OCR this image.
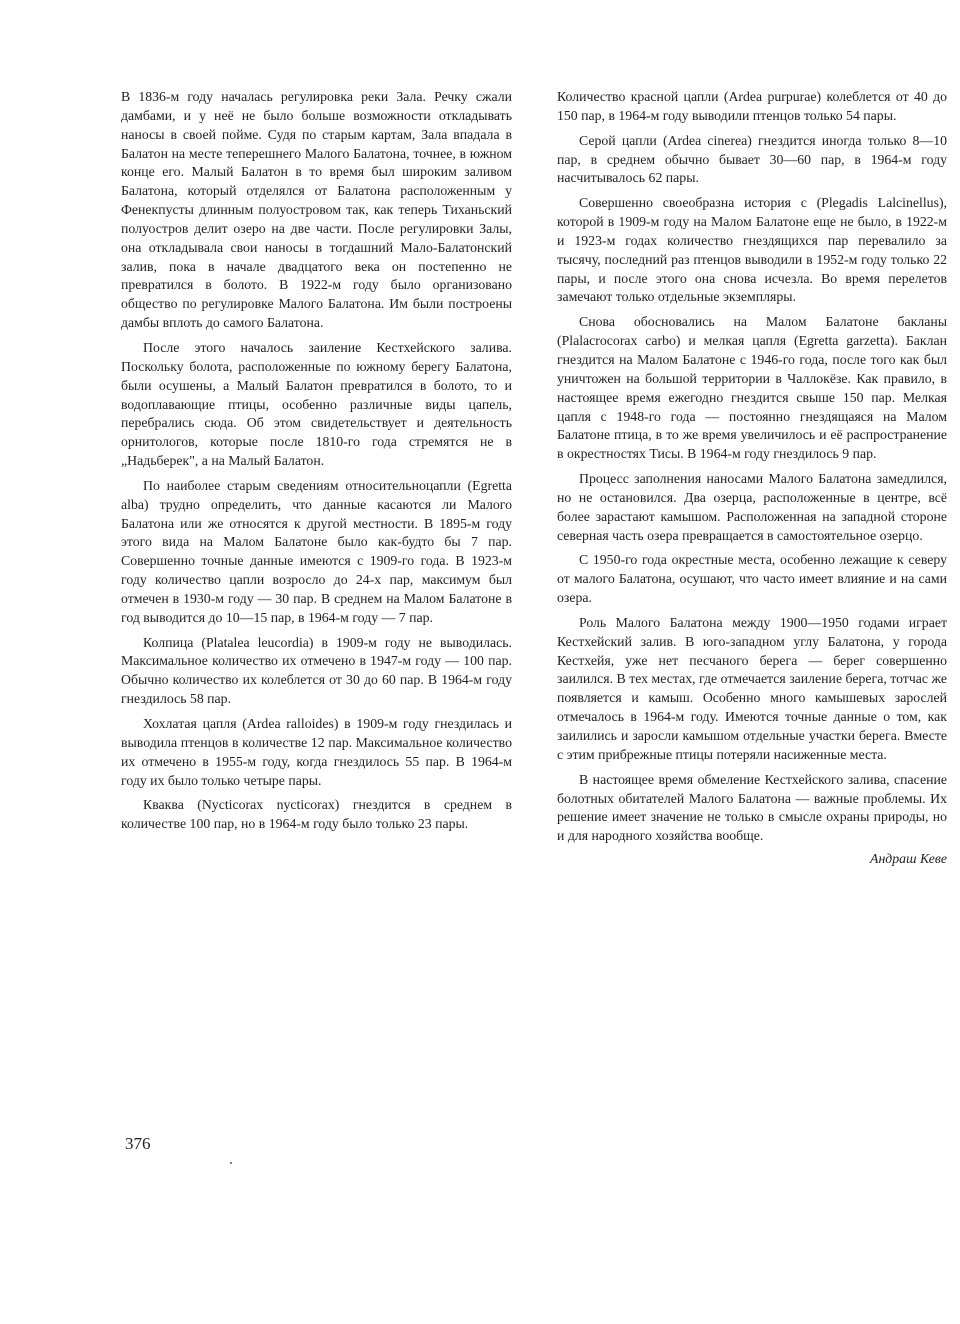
В 1836-м году началась регулировка реки Зала. Речку сжали дамбами, и у неё не было больше возможности откладывать наносы в своей пойме. Судя по старым картам, Зала впадала в Балатон на месте теперешнего Малого Балатона, точнее, в южном конце его. Малый Балатон в то время был широким заливом Балатона, который отделялся от Балатона расположенным у Фенекпусты длинным полуостровом так, как теперь Тиханьский полуостров делит озеро на две части. После регулировки Залы, она откладывала свои наносы в тогдашний Мало-Балатонский залив, пока в начале двадцатого века он постепенно не превратился в болото. В 1922-м году было организовано общество по регулировке Малого Балатона. Им были построены дамбы вплоть до самого Балатона.

После этого началось заиление Кестхейского залива. Поскольку болота, расположенные по южному берегу Балатона, были осушены, а Малый Балатон превратился в болото, то и водоплавающие птицы, особенно различные виды цапель, перебрались сюда. Об этом свидетельствует и деятельность орнитологов, которые после 1810-го года стремятся не в „Надьберек", а на Малый Балатон.

По наиболее старым сведениям относительноцапли (Egretta alba) трудно определить, что данные касаются ли Малого Балатона или же относятся к другой местности. В 1895-м году этого вида на Малом Балатоне было как-будто бы 7 пар. Совершенно точные данные имеются с 1909-го года. В 1923-м году количество цапли возросло до 24-х пар, максимум был отмечен в 1930-м году — 30 пар. В среднем на Малом Балатоне в год выводится до 10—15 пар, в 1964-м году — 7 пар.

Колпица (Platalea leucordia) в 1909-м году не выводилась. Максимальное количество их отмечено в 1947-м году — 100 пар. Обычно количество их колеблется от 30 до 60 пар. В 1964-м году гнездилось 58 пар.

Хохлатая цапля (Ardea ralloides) в 1909-м году гнездилась и выводила птенцов в количестве 12 пар. Максимальное количество их отмечено в 1955-м году, когда гнездилось 55 пар. В 1964-м году их было только четыре пары.

Кваква (Nycticorax nycticorax) гнездится в среднем в количестве 100 пар, но в 1964-м году было только 23 пары.

Количество красной цапли (Ardea purpurae) колеблется от 40 до 150 пар, в 1964-м году выводили птенцов только 54 пары.

Серой цапли (Ardea cinerea) гнездится иногда только 8—10 пар, в среднем обычно бывает 30—60 пар, в 1964-м году насчитывалось 62 пары.

Совершенно своеобразна история с (Plegadis Lalcinellus), которой в 1909-м году на Малом Балатоне еще не было, в 1922-м и 1923-м годах количество гнездящихся пар перевалило за тысячу, последний раз птенцов выводили в 1952-м году только 22 пары, и после этого она снова исчезла. Во время перелетов замечают только отдельные экземпляры.

Снова обосновались на Малом Балатоне бакланы (Plalacrocorax carbo) и мелкая цапля (Egretta garzetta). Баклан гнездится на Малом Балатоне с 1946-го года, после того как был уничтожен на большой территории в Чаллокёзе. Как правило, в настоящее время ежегодно гнездится свыше 150 пар. Мелкая цапля с 1948-го года — постоянно гнездящаяся на Малом Балатоне птица, в то же время увеличилось и её распространение в окрестностях Тисы. В 1964-м году гнездилось 9 пар.

Процесс заполнения наносами Малого Балатона замедлился, но не остановился. Два озерца, расположенные в центре, всё более зарастают камышом. Расположенная на западной стороне северная часть озера превращается в самостоятельное озерцо.

С 1950-го года окрестные места, особенно лежащие к северу от малого Балатона, осушают, что часто имеет влияние и на сами озера.

Роль Малого Балатона между 1900—1950 годами играет Кестхейский залив. В юго-западном углу Балатона, у города Кестхейя, уже нет песчаного берега — берег совершенно заилился. В тех местах, где отмечается заиление берега, тотчас же появляется и камыш. Особенно много камышевых зарослей отмечалось в 1964-м году. Имеются точные данные о том, как заилились и заросли камышом отдельные участки берега. Вместе с этим прибрежные птицы потеряли насиженные места.

В настоящее время обмеление Кестхейского залива, спасение болотных обитателей Малого Балатона — важные проблемы. Их решение имеет значение не только в смысле охраны природы, но и для народного хозяйства вообще.

Андраш Кеве
376
